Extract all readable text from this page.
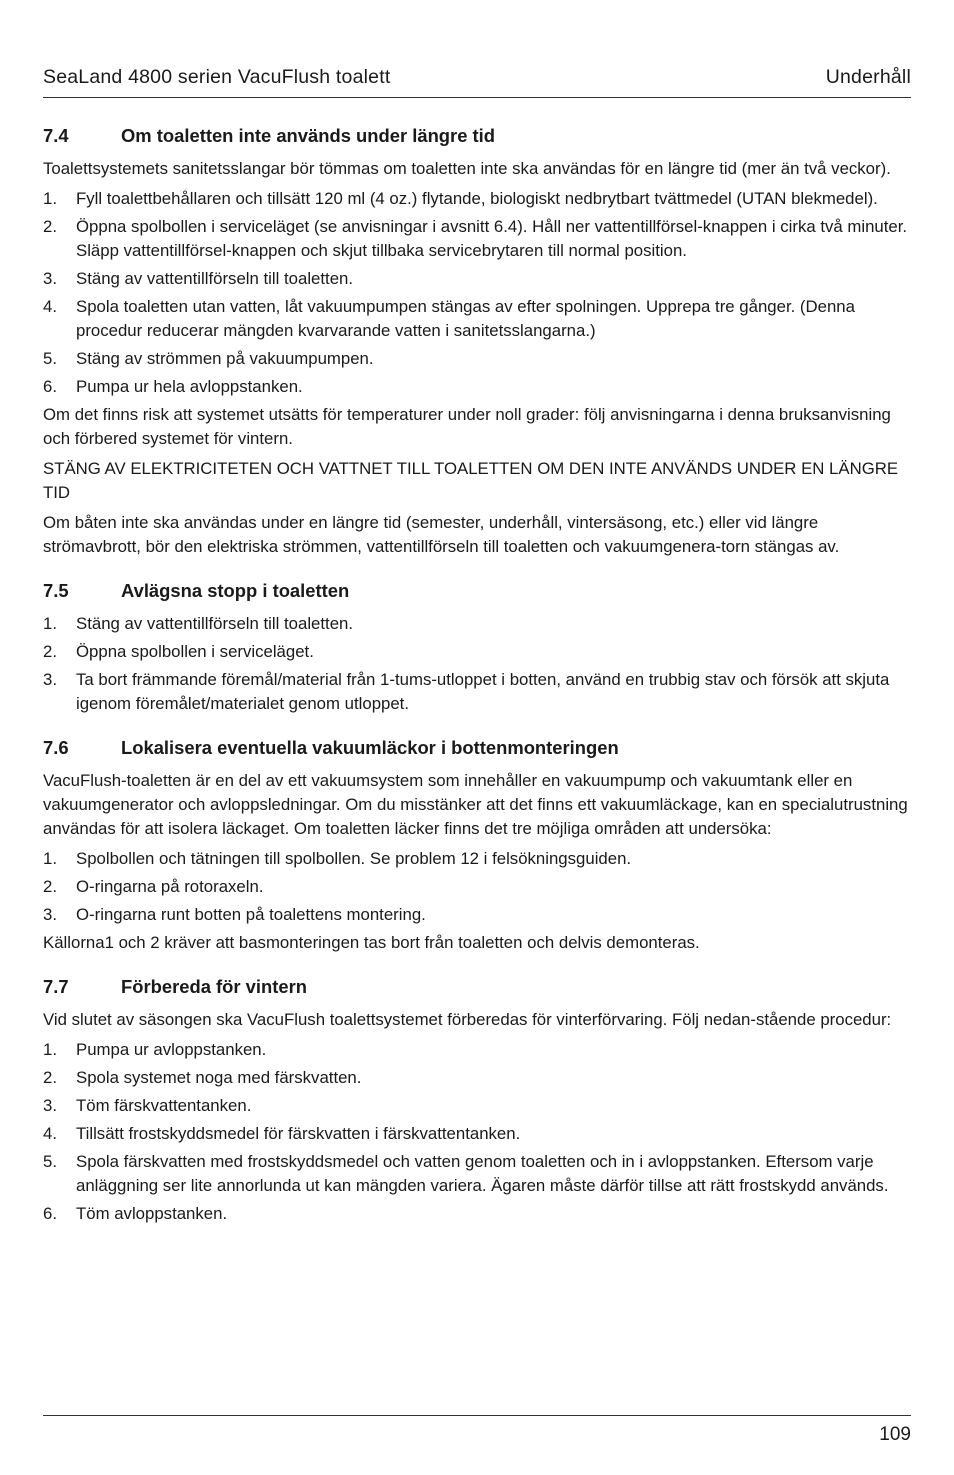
SeaLand 4800 serien VacuFlush toalett	Underhåll
7.4	Om toaletten inte används under längre tid

Toalettsystemets sanitetsslangar bör tömmas om toaletten inte ska användas för en längre tid (mer än två veckor).

1. Fyll toalettbehållaren och tillsätt 120 ml (4 oz.) flytande, biologiskt nedbrytbart tvättmedel (UTAN blekmedel).
2. Öppna spolbollen i serviceläget (se anvisningar i avsnitt 6.4). Håll ner vattentillförsel-knappen i cirka två minuter. Släpp vattentillförsel-knappen och skjut tillbaka servicebrytaren till normal position.
3. Stäng av vattentillförseln till toaletten.
4. Spola toaletten utan vatten, låt vakuumpumpen stängas av efter spolningen. Upprepa tre gånger. (Denna procedur reducerar mängden kvarvarande vatten i sanitetsslangarna.)
5. Stäng av strömmen på vakuumpumpen.
6. Pumpa ur hela avloppstanken.

Om det finns risk att systemet utsätts för temperaturer under noll grader: följ anvisningarna i denna bruksanvisning och förbered systemet för vintern.

STÄNG AV ELEKTRICITETEN OCH VATTNET TILL TOALETTEN OM DEN INTE ANVÄNDS UNDER EN LÄNGRE TID

Om båten inte ska användas under en längre tid (semester, underhåll, vintersäsong, etc.) eller vid längre strömavbrott, bör den elektriska strömmen, vattentillförseln till toaletten och vakuumgenera-torn stängas av.

7.5	Avlägsna stopp i toaletten
1. Stäng av vattentillförseln till toaletten.
2. Öppna spolbollen i serviceläget.
3. Ta bort främmande föremål/material från 1-tums-utloppet i botten, använd en trubbig stav och försök att skjuta igenom föremålet/materialet genom utloppet.
7.6	Lokalisera eventuella vakuumläckor i bottenmonteringen

VacuFlush-toaletten är en del av ett vakuumsystem som innehåller en vakuumpump och vakuumtank eller en vakuumgenerator och avloppsledningar. Om du misstänker att det finns ett vakuumläckage, kan en specialutrustning användas för att isolera läckaget. Om toaletten läcker finns det tre möjliga områden att undersöka:

1. Spolbollen och tätningen till spolbollen. Se problem 12 i felsökningsguiden.
2. O-ringarna på rotoraxeln.
3. O-ringarna runt botten på toalettens montering.

Källorna1 och 2 kräver att basmonteringen tas bort från toaletten och delvis demonteras.

7.7	Förbereda för vintern

Vid slutet av säsongen ska VacuFlush toalettsystemet förberedas för vinterförvaring. Följ nedan-stående procedur:

1. Pumpa ur avloppstanken.
2. Spola systemet noga med färskvatten.
3. Töm färskvattentanken.
4. Tillsätt frostskyddsmedel för färskvatten i färskvattentanken.
5. Spola färskvatten med frostskyddsmedel och vatten genom toaletten och in i avloppstanken. Eftersom varje anläggning ser lite annorlunda ut kan mängden variera. Ägaren måste därför tillse att rätt frostskydd används.
6. Töm avloppstanken.
109
